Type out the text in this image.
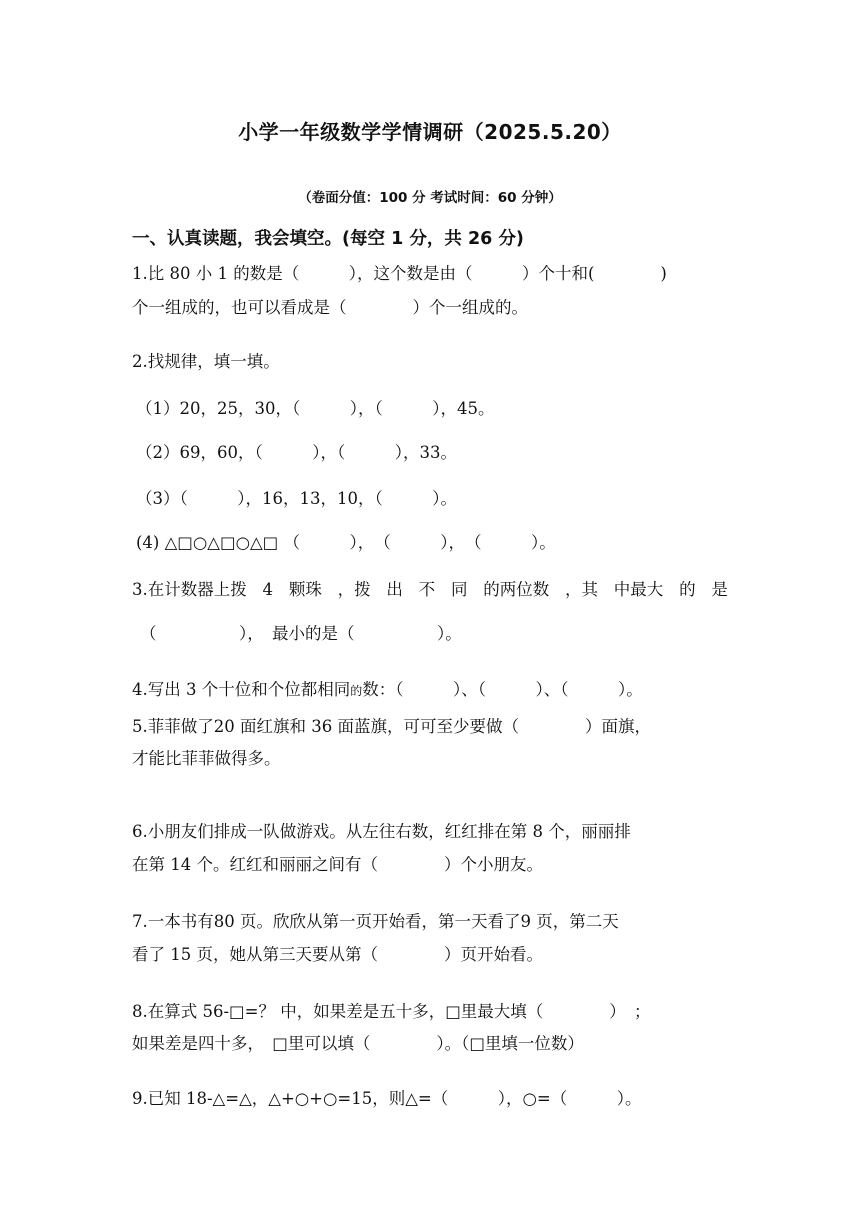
小学一年级数学学情调研（2025.5.20）
（卷面分值：100 分 考试时间：60 分钟）
一、认真读题，我会填空。(每空 1 分，共 26 分)
1.比 80 小 1 的数是（　　　），这个数是由（　　　）个十和(　　　　)
个一组成的，也可以看成是（　　　　）个一组成的。
2.找规律，填一填。
（1）20，25，30，（　　　），（　　　），45。
（2）69，60，（　　　），（　　　），33。
（3）（　　　），16，13，10，（　　　）。
(4) △□○△□○△□ （　　　），　（　　　），　（　　　）。
3.在计数器上拨 4 颗珠 ，拨 出 不 同 的两位数 ，其 中最大 的 是
（　　　　　），　最小的是（　　　　　）。
4.写出 3 个十位和个位都相同的数：（　　　）、（　　　）、（　　　）。
5.菲菲做了20 面红旗和 36 面蓝旗，可可至少要做（　　　　）面旗，
才能比菲菲做得多。
6.小朋友们排成一队做游戏。从左往右数，红红排在第 8 个，丽丽排
在第 14 个。红红和丽丽之间有（　　　　）个小朋友。
7.一本书有80 页。欣欣从第一页开始看，第一天看了9 页，第二天
看了 15 页，她从第三天要从第（　　　　）页开始看。
8.在算式 56-□=？ 中，如果差是五十多，□里最大填（　　　　）　；
如果差是四十多，　□里可以填（　　　　）。（□里填一位数）
9.已知 18-△=△，△+○+○=15，则△=（　　　），○=（　　　）。
